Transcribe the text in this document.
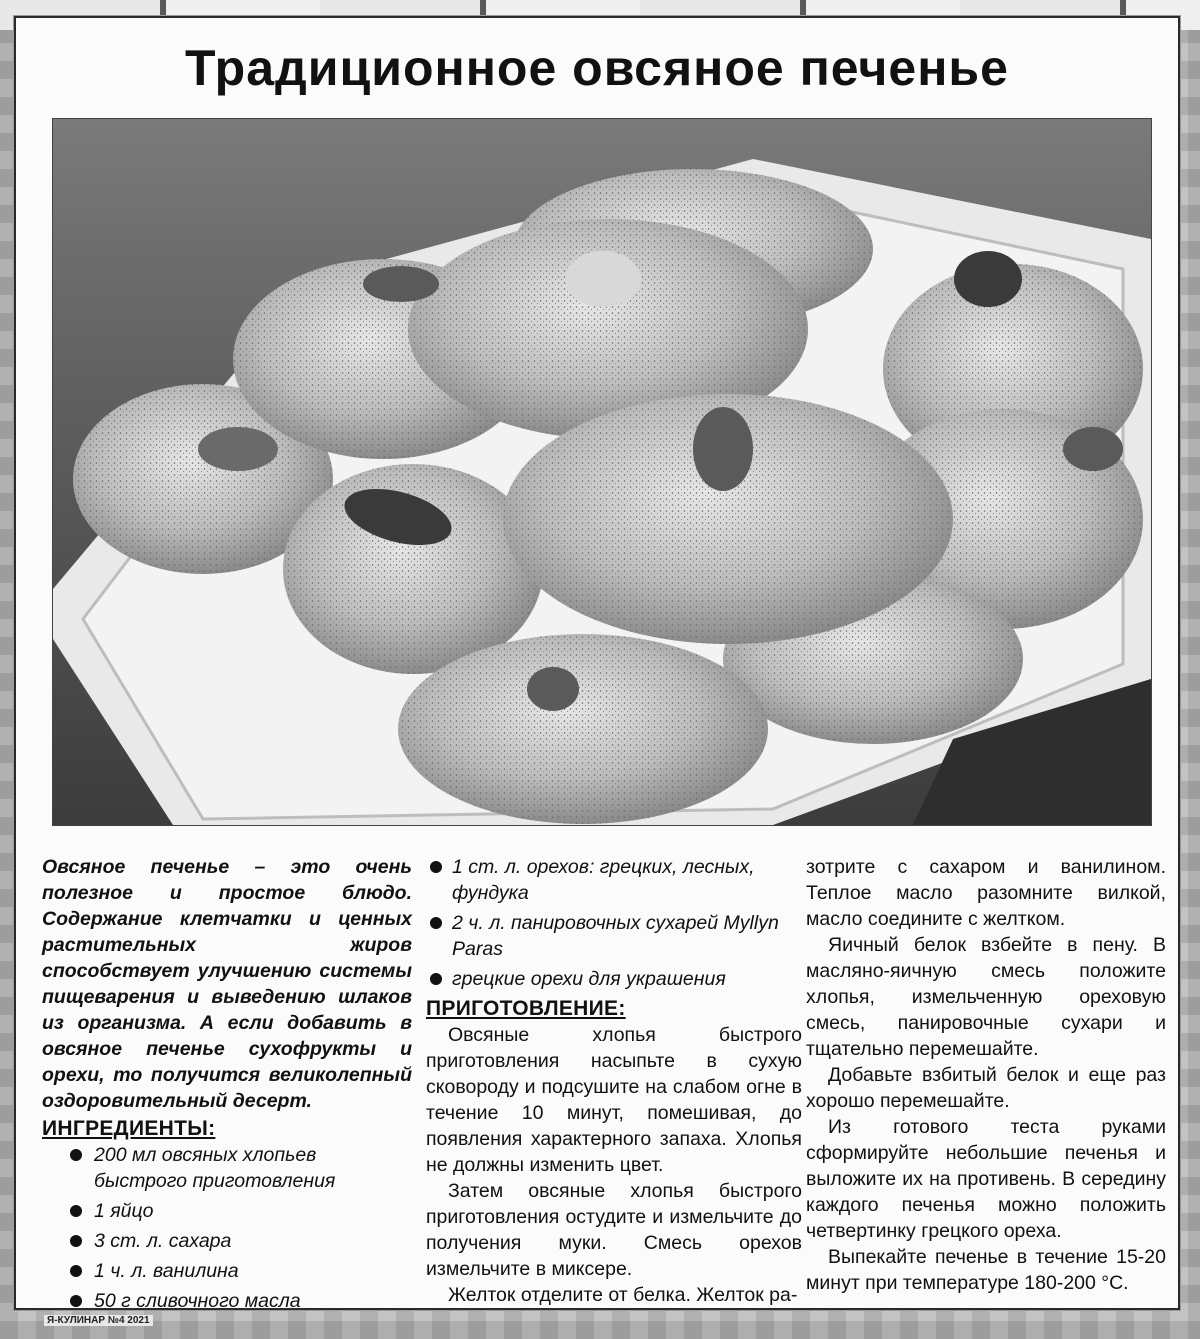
Традиционное овсяное печенье

Овсяное печенье – это очень полезное и простое блюдо. Содержание клетчатки и ценных растительных жиров способствует улучшению системы пищеварения и выведению шлаков из организма. А если добавить в овсяное печенье сухофрукты и орехи, то получится великолепный оздоровительный десерт.

ИНГРЕДИЕНТЫ:
200 мл овсяных хлопьев быстрого приготовления
1 яйцо
3 ст. л. сахара
1 ч. л. ванилина
50 г сливочного масла
1 ст. л. орехов: грецких, лесных, фундука
2 ч. л. панировочных сухарей Myllyn Paras
грецкие орехи для украшения
ПРИГОТОВЛЕНИЕ:

Овсяные хлопья быстрого приготовления насыпьте в сухую сковороду и подсушите на слабом огне в течение 10 минут, помешивая, до появления характерного запаха. Хлопья не должны изменить цвет.

Затем овсяные хлопья быстрого приготовления остудите и измельчите до получения муки. Смесь орехов измельчите в миксере.

Желток отделите от белка. Желток ра-

зотрите с сахаром и ванилином. Теплое масло разомните вилкой, масло соедините с желтком.

Яичный белок взбейте в пену. В масляно-яичную смесь положите хлопья, измельченную ореховую смесь, панировочные сухари и тщательно перемешайте.

Добавьте взбитый белок и еще раз хорошо перемешайте.

Из готового теста руками сформируйте небольшие печенья и выложите их на противень. В середину каждого печенья можно положить четвертинку грецкого ореха.

Выпекайте печенье в течение 15-20 минут при температуре 180-200 °С.

Я-КУЛИНАР №4 2021
